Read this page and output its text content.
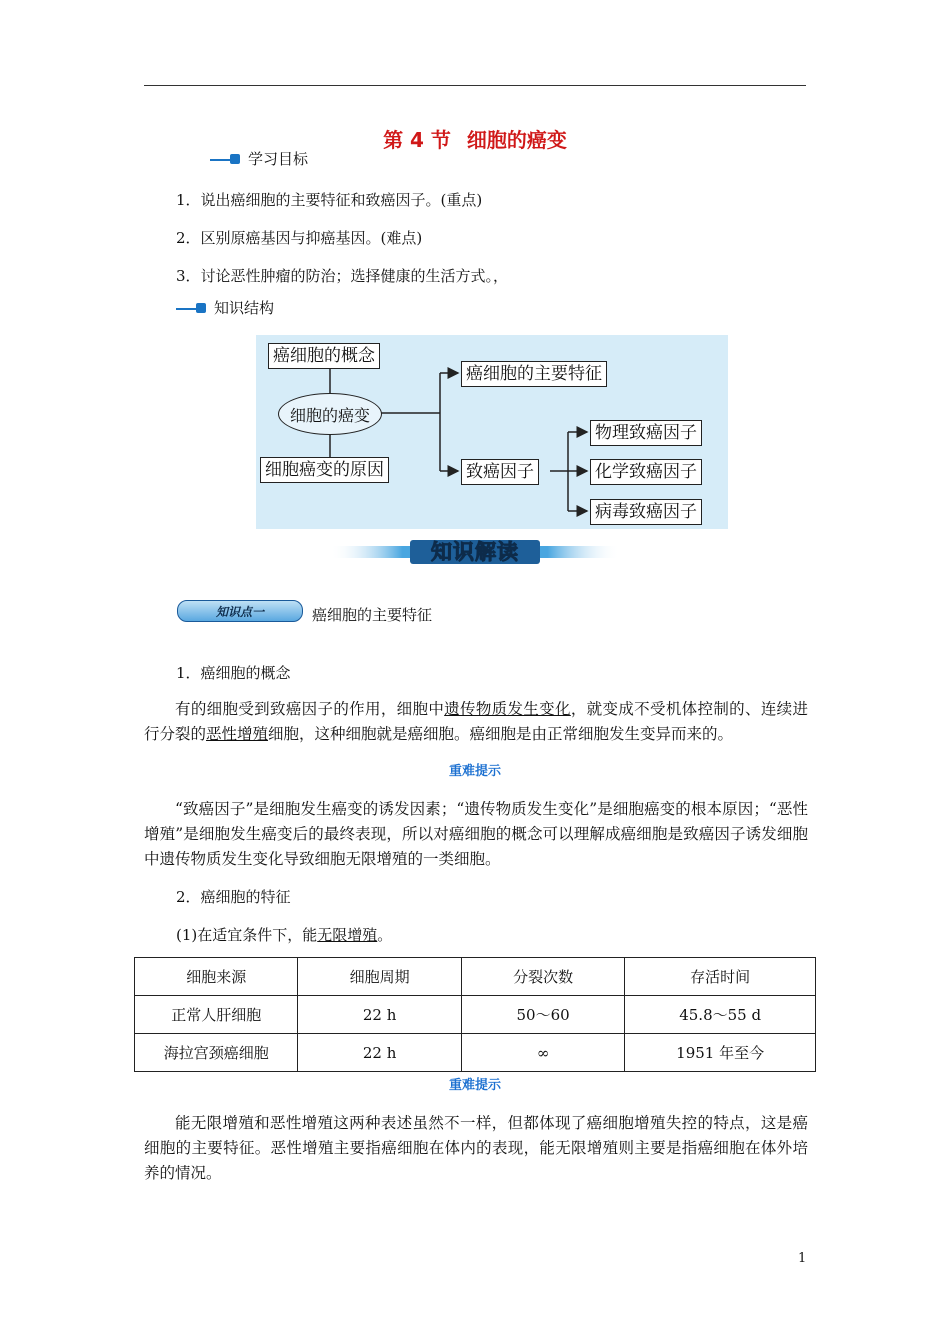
第 4 节 细胞的癌变
学习目标
1．说出癌细胞的主要特征和致癌因子。(重点)
2．区别原癌基因与抑癌基因。(难点)
3．讨论恶性肿瘤的防治；选择健康的生活方式。，
知识结构
癌细胞的概念
细胞的癌变
细胞癌变的原因
癌细胞的主要特征
致癌因子
物理致癌因子
化学致癌因子
病毒致癌因子
知识解读
知识点一	癌细胞的主要特征
1．癌细胞的概念
有的细胞受到致癌因子的作用，细胞中遗传物质发生变化，就变成不受机体控制的、连续进行分裂的恶性增殖细胞，这种细胞就是癌细胞。癌细胞是由正常细胞发生变异而来的。
重难提示
“致癌因子”是细胞发生癌变的诱发因素；“遗传物质发生变化”是细胞癌变的根本原因；“恶性增殖”是细胞发生癌变后的最终表现，所以对癌细胞的概念可以理解成癌细胞是致癌因子诱发细胞中遗传物质发生变化导致细胞无限增殖的一类细胞。
2．癌细胞的特征
(1)在适宜条件下，能无限增殖。
细胞来源	细胞周期	分裂次数	存活时间
正常人肝细胞	22 h	50～60	45.8～55 d
海拉宫颈癌细胞	22 h	∞	1951 年至今
重难提示
能无限增殖和恶性增殖这两种表述虽然不一样，但都体现了癌细胞增殖失控的特点，这是癌细胞的主要特征。恶性增殖主要指癌细胞在体内的表现，能无限增殖则主要是指癌细胞在体外培养的情况。
1
